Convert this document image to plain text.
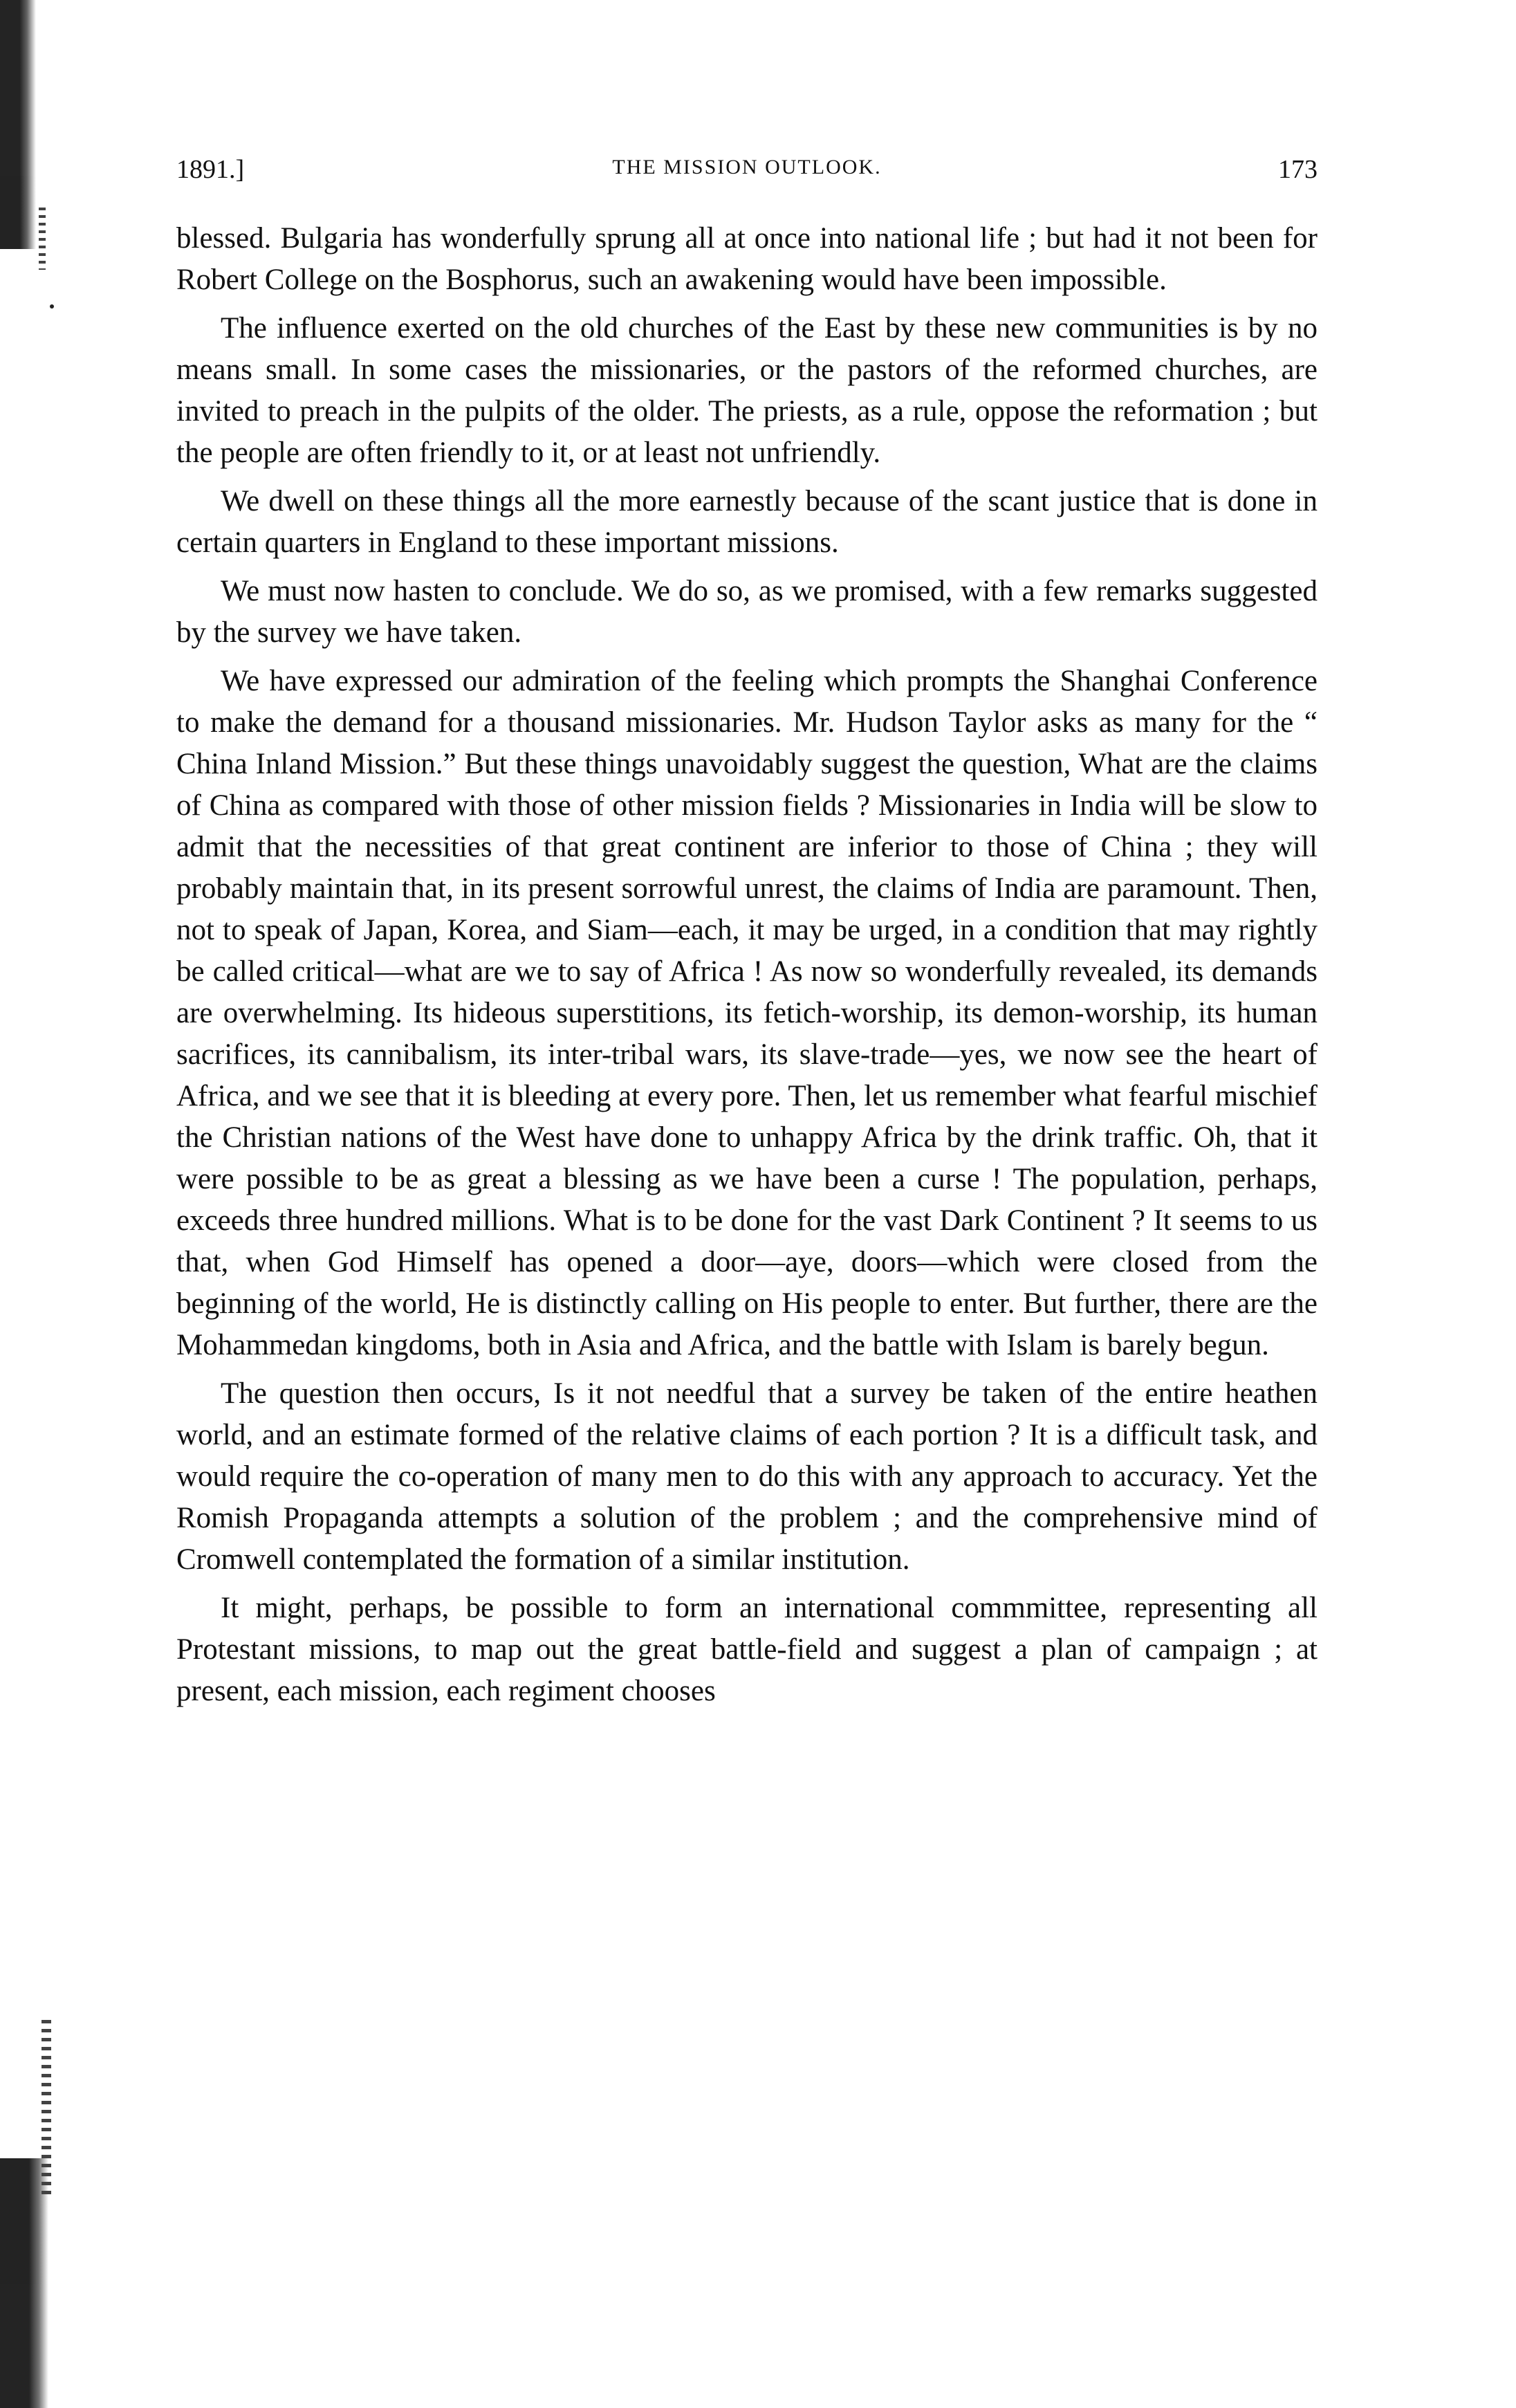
1891.]	THE MISSION OUTLOOK.	173

blessed. Bulgaria has wonderfully sprung all at once into national life ; but had it not been for Robert College on the Bosphorus, such an awakening would have been impossible.

The influence exerted on the old churches of the East by these new communities is by no means small. In some cases the missionaries, or the pastors of the reformed churches, are invited to preach in the pulpits of the older. The priests, as a rule, oppose the reformation ; but the people are often friendly to it, or at least not unfriendly.

We dwell on these things all the more earnestly because of the scant justice that is done in certain quarters in England to these important missions.

We must now hasten to conclude. We do so, as we promised, with a few remarks suggested by the survey we have taken.

We have expressed our admiration of the feeling which prompts the Shanghai Conference to make the demand for a thousand missionaries. Mr. Hudson Taylor asks as many for the “ China Inland Mission.” But these things unavoidably suggest the question, What are the claims of China as compared with those of other mission fields ? Missionaries in India will be slow to admit that the necessities of that great continent are inferior to those of China ; they will probably maintain that, in its present sorrowful unrest, the claims of India are paramount. Then, not to speak of Japan, Korea, and Siam—each, it may be urged, in a condition that may rightly be called critical—what are we to say of Africa ! As now so wonderfully revealed, its demands are overwhelming. Its hideous superstitions, its fetich-worship, its demon-worship, its human sacrifices, its cannibalism, its inter-tribal wars, its slave-trade—yes, we now see the heart of Africa, and we see that it is bleeding at every pore. Then, let us remember what fearful mischief the Christian nations of the West have done to unhappy Africa by the drink traffic. Oh, that it were possible to be as great a blessing as we have been a curse ! The population, perhaps, exceeds three hundred millions. What is to be done for the vast Dark Continent ? It seems to us that, when God Himself has opened a door—aye, doors—which were closed from the beginning of the world, He is distinctly calling on His people to enter. But further, there are the Mohammedan kingdoms, both in Asia and Africa, and the battle with Islam is barely begun.

The question then occurs, Is it not needful that a survey be taken of the entire heathen world, and an estimate formed of the relative claims of each portion ? It is a difficult task, and would require the co-operation of many men to do this with any approach to accuracy. Yet the Romish Propaganda attempts a solution of the problem ; and the comprehensive mind of Cromwell contemplated the formation of a similar institution.

It might, perhaps, be possible to form an international commmittee, representing all Protestant missions, to map out the great battle-field and suggest a plan of campaign ; at present, each mission, each regiment chooses
